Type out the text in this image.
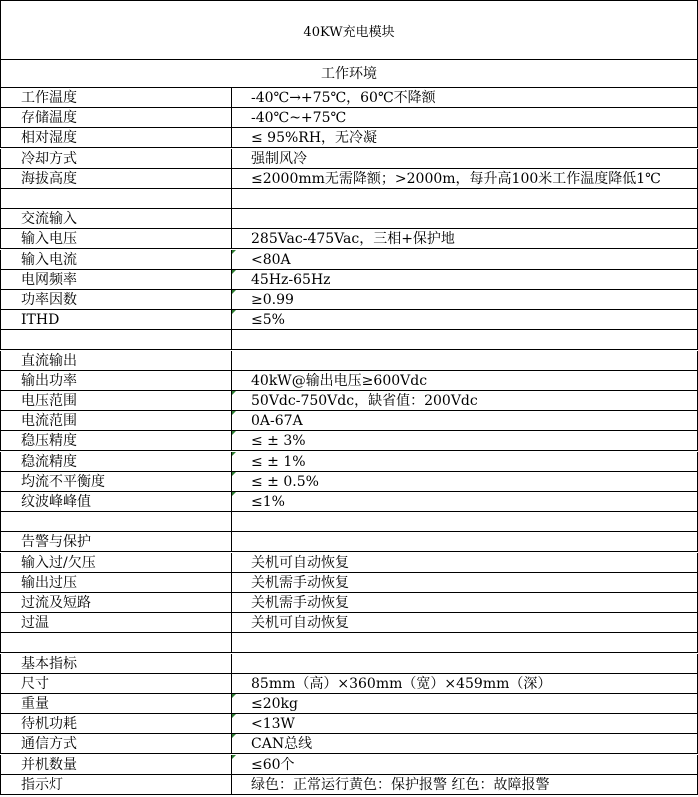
40KW充电模块
工作环境
工作温度	-40℃→+75℃，60℃不降额
存储温度	-40℃~+75℃
相对湿度	≤ 95%RH，无冷凝
冷却方式	强制风冷
海拔高度	≤2000mm无需降额；>2000m，每升高100米工作温度降低1℃
交流输入
输入电压	285Vac-475Vac，三相+保护地
输入电流	<80A
电网频率	45Hz-65Hz
功率因数	≥0.99
ITHD	≤5%
直流输出
输出功率	40kW@输出电压≥600Vdc
电压范围	50Vdc-750Vdc，缺省值：200Vdc
电流范围	0A-67A
稳压精度	≤ ± 3%
稳流精度	≤ ± 1%
均流不平衡度	≤ ± 0.5%
纹波峰峰值	≤1%
告警与保护
输入过/欠压	关机可自动恢复
输出过压	关机需手动恢复
过流及短路	关机需手动恢复
过温	关机可自动恢复
基本指标
尺寸	85mm（高）×360mm（宽）×459mm（深）
重量	≤20kg
待机功耗	<13W
通信方式	CAN总线
并机数量	≤60个
指示灯	绿色：正常运行黄色：保护报警 红色：故障报警
